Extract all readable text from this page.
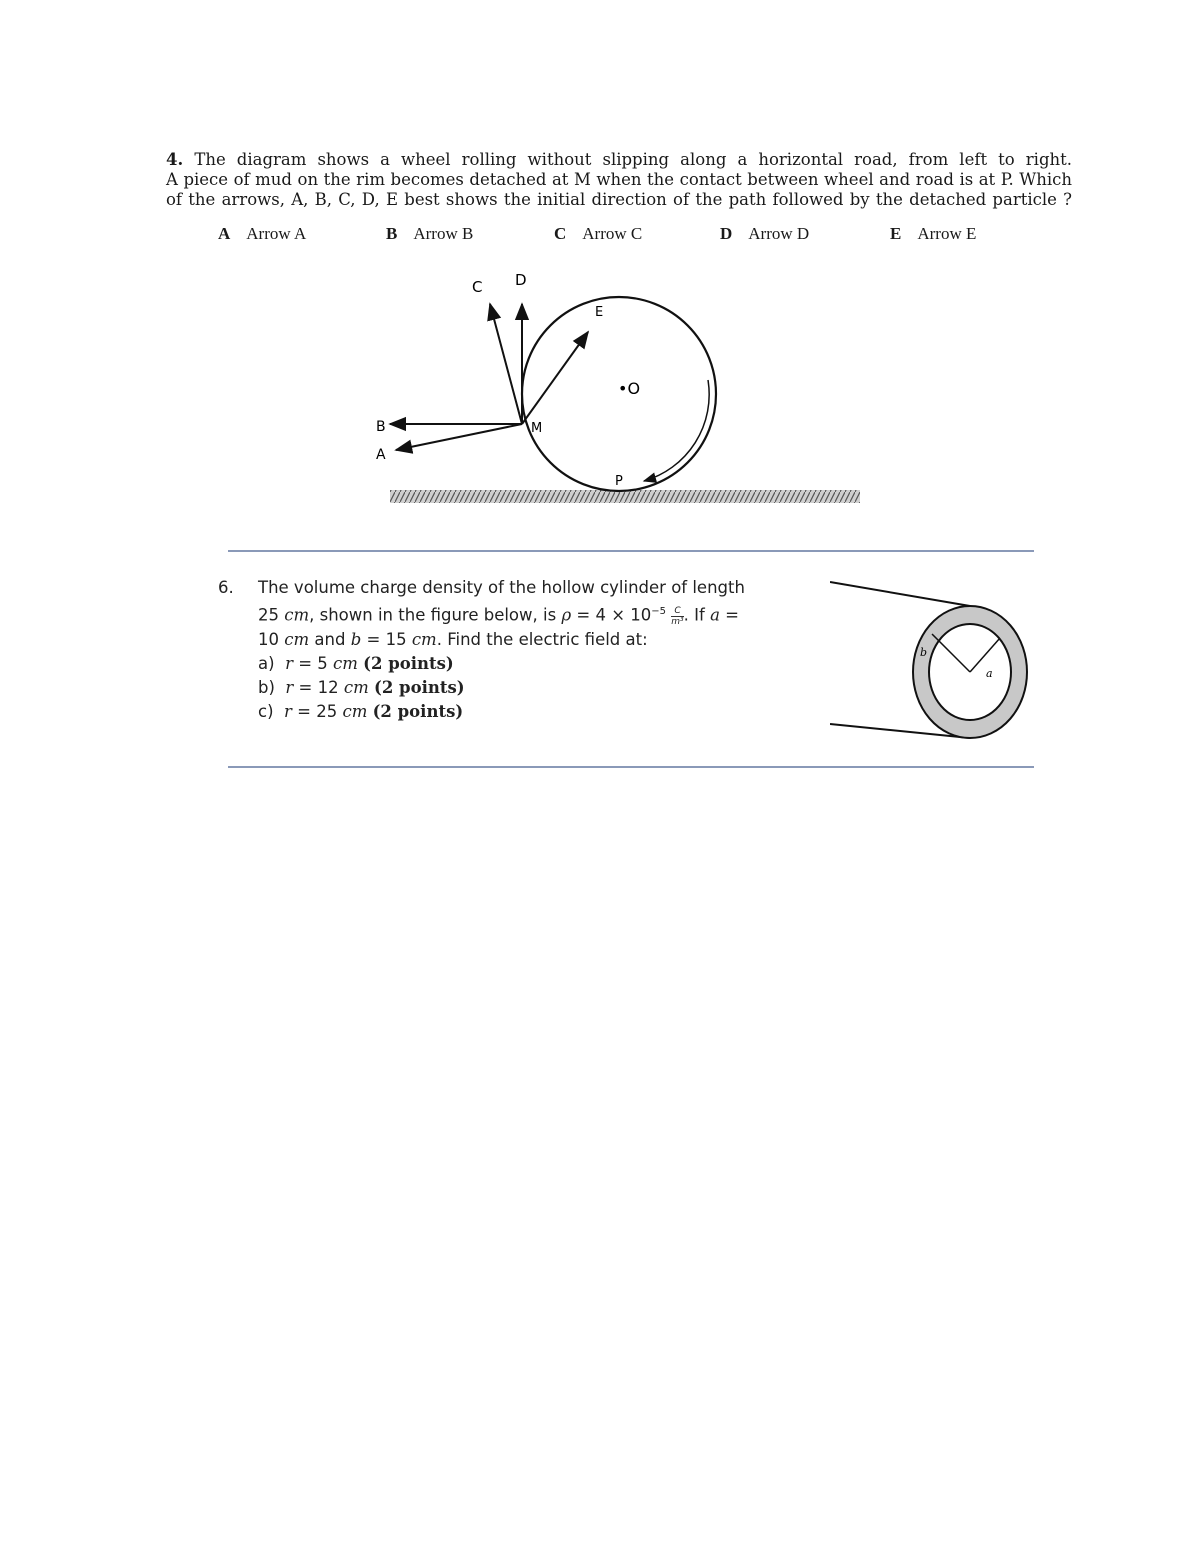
4. The diagram shows a wheel rolling without slipping along a horizontal road, from left to right.
A piece of mud on the rim becomes detached at M when the contact between wheel and road is at P. Which
of the arrows, A, B, C, D, E best shows the initial direction of the path followed by the detached particle ?
A Arrow A	B Arrow B	C Arrow C	D Arrow D	E Arrow E
C D
E
•O
B
A
M
P
6. The volume charge density of the hollow cylinder of length
25 cm, shown in the figure below, is $\rho = 4 \times 10^{-5} \frac{C}{\text{m³}}$ . If a =
10 cm and b = 15 cm. Find the electric field at:
a) r = 5 cm (2 points)
b) r = 12 cm (2 points)
c) r = 25 cm (2 points)
b
a
